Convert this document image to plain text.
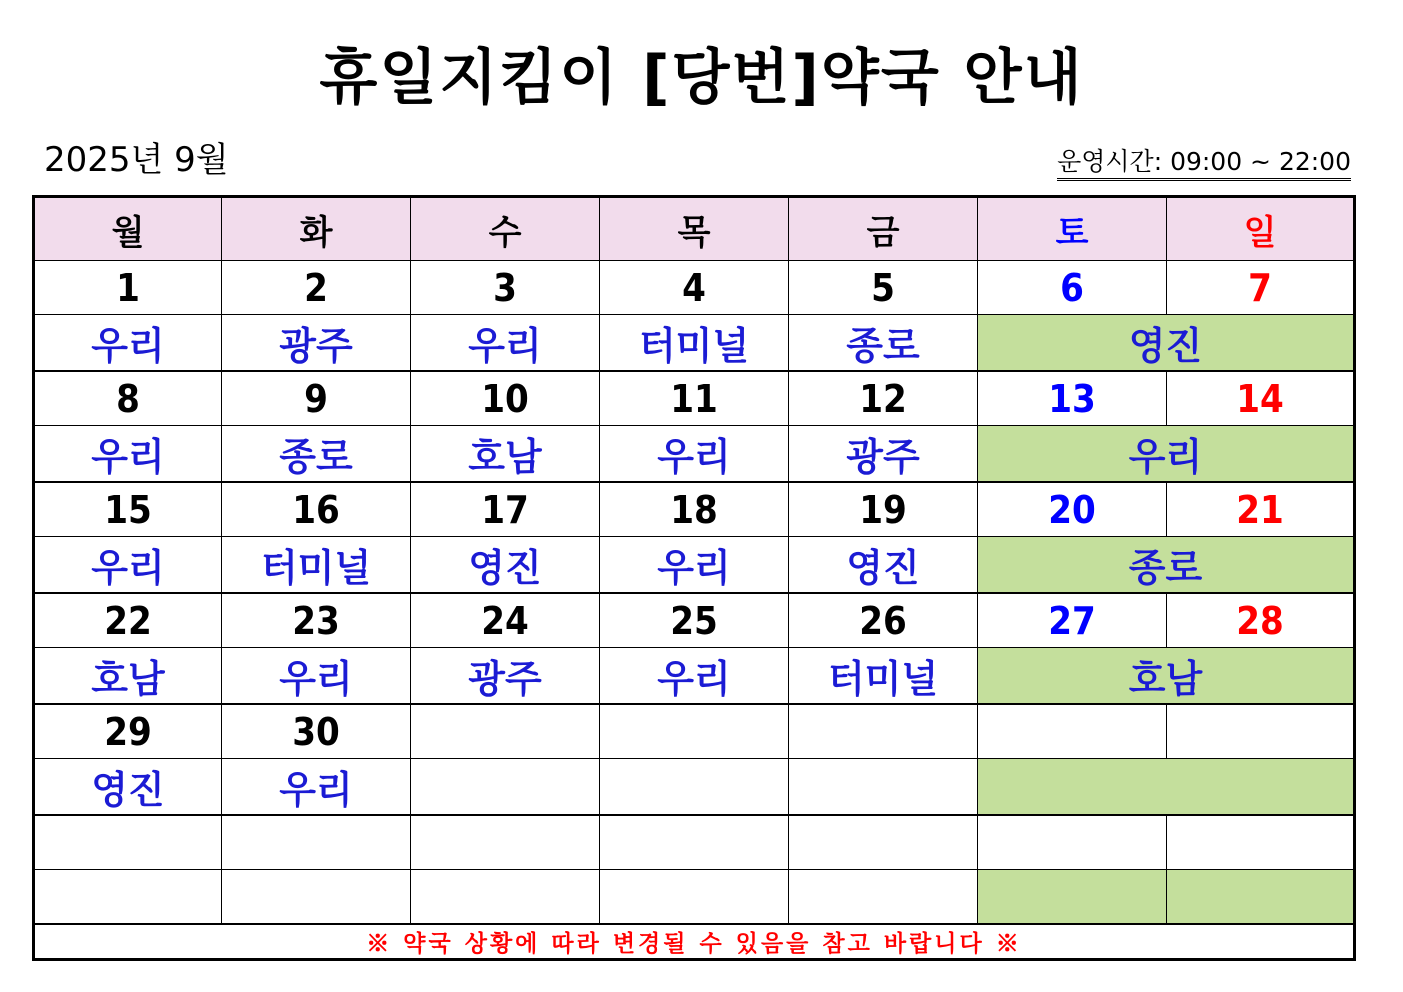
휴일지킴이 [당번]약국 안내
2025년 9월	운영시간: 09:00 ~ 22:00
월	화	수	목	금	토	일
1	2	3	4	5	6	7
우리	광주	우리	터미널	종로	영진	
8	9	10	11	12	13	14
우리	종로	호남	우리	광주	우리	
15	16	17	18	19	20	21
우리	터미널	영진	우리	영진	종로	
22	23	24	25	26	27	28
호남	우리	광주	우리	터미널	호남	
29	30					
영진	우리					

※ 약국 상황에 따라 변경될 수 있음을 참고 바랍니다 ※						
